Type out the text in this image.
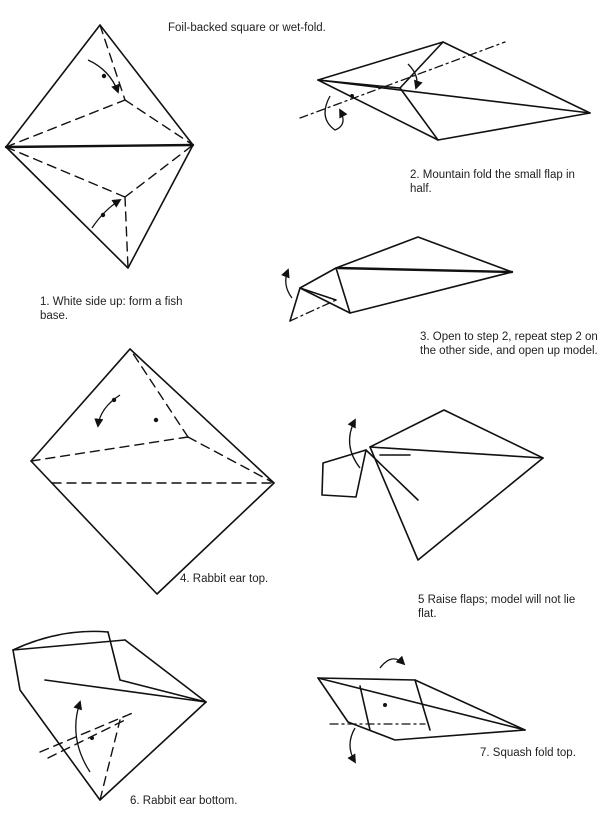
Foil-backed square or wet-fold.
1. White side up: form a fish base.
2. Mountain fold the small flap in half.
3. Open to step 2, repeat step 2 on the other side, and open up model.
4. Rabbit ear top.
5 Raise flaps; model will not lie flat.
6. Rabbit ear bottom.
7. Squash fold top.
